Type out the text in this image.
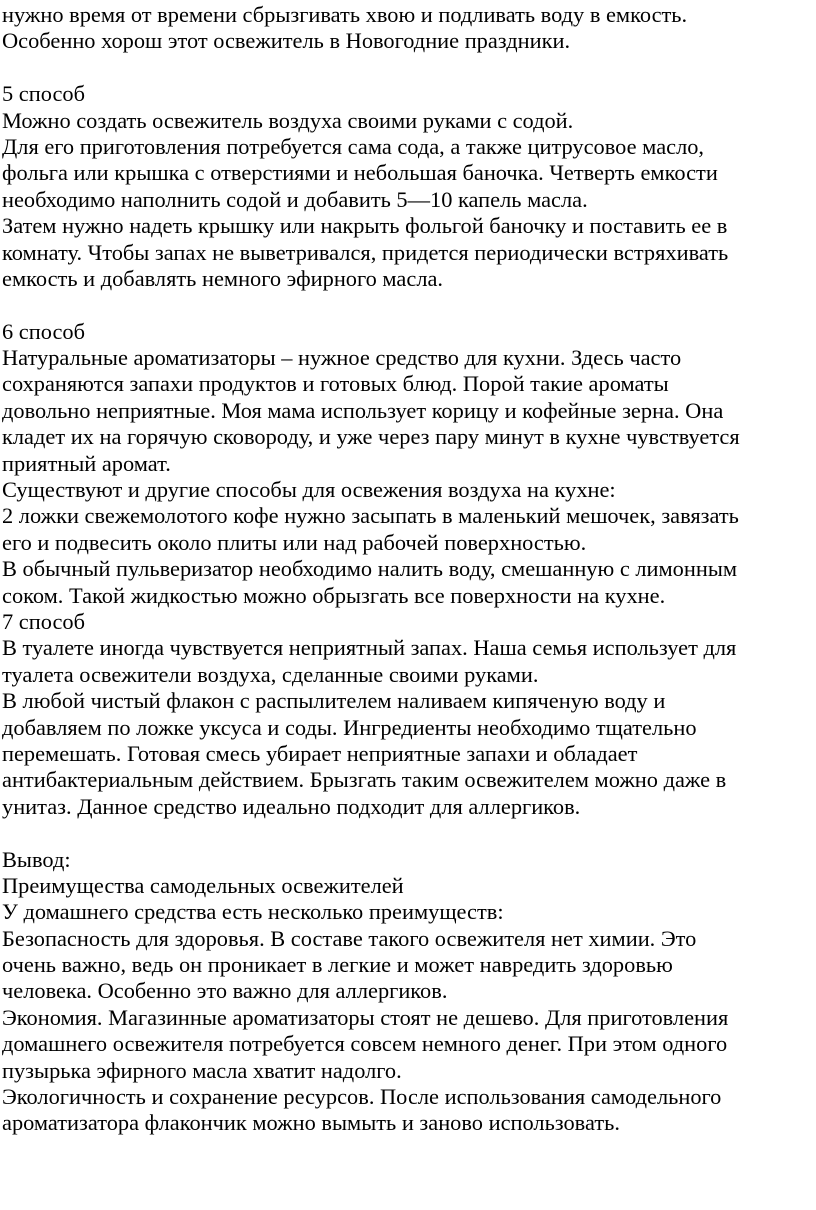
нужно время от времени сбрызгивать хвою и подливать воду в емкость.
Особенно хорош этот освежитель в Новогодние праздники.
5 способ
Можно создать освежитель воздуха своими руками с содой.
Для его приготовления потребуется сама сода, а также цитрусовое масло,
фольга или крышка с отверстиями и небольшая баночка. Четверть емкости
необходимо наполнить содой и добавить 5—10 капель масла.
Затем нужно надеть крышку или накрыть фольгой баночку и поставить ее в
комнату. Чтобы запах не выветривался, придется периодически встряхивать
емкость и добавлять немного эфирного масла.
6 способ
Натуральные ароматизаторы – нужное средство для кухни. Здесь часто
сохраняются запахи продуктов и готовых блюд. Порой такие ароматы
довольно неприятные. Моя мама использует корицу и кофейные зерна. Она
кладет их на горячую сковороду, и уже через пару минут в кухне чувствуется
приятный аромат.
Существуют и другие способы для освежения воздуха на кухне:
2 ложки свежемолотого кофе нужно засыпать в маленький мешочек, завязать
его и подвесить около плиты или над рабочей поверхностью.
В обычный пульверизатор необходимо налить воду, смешанную с лимонным
соком. Такой жидкостью можно обрызгать все поверхности на кухне.
7 способ
В туалете иногда чувствуется неприятный запах. Наша семья использует для
туалета освежители воздуха, сделанные своими руками.
В любой чистый флакон с распылителем наливаем кипяченую воду и
добавляем по ложке уксуса и соды. Ингредиенты необходимо тщательно
перемешать. Готовая смесь убирает неприятные запахи и обладает
антибактериальным действием. Брызгать таким освежителем можно даже в
унитаз. Данное средство идеально подходит для аллергиков.
Вывод:
Преимущества самодельных освежителей
У домашнего средства есть несколько преимуществ:
Безопасность для здоровья. В составе такого освежителя нет химии. Это
очень важно, ведь он проникает в легкие и может навредить здоровью
человека. Особенно это важно для аллергиков.
Экономия. Магазинные ароматизаторы стоят не дешево. Для приготовления
домашнего освежителя потребуется совсем немного денег. При этом одного
пузырька эфирного масла хватит надолго.
Экологичность и сохранение ресурсов. После использования самодельного
ароматизатора флакончик можно вымыть и заново использовать.
